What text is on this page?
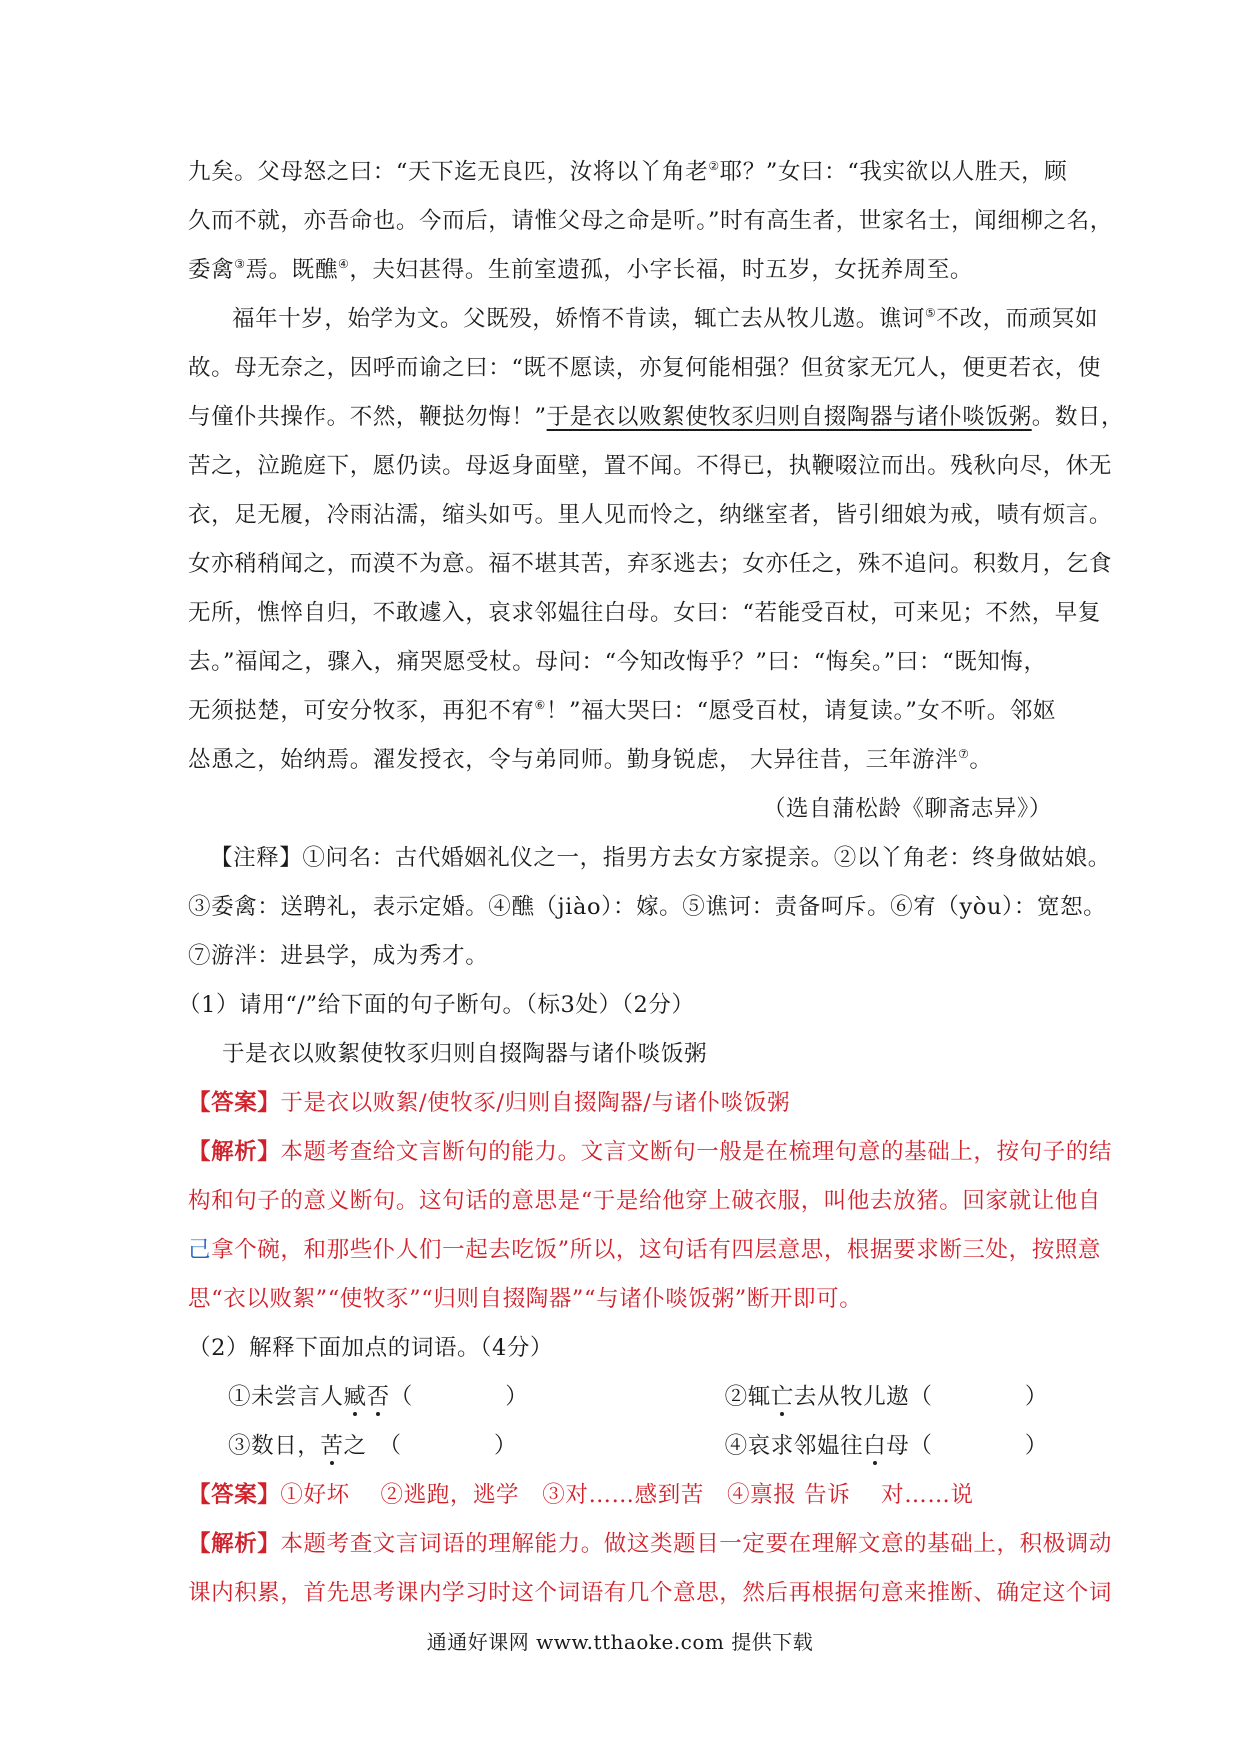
九矣。父母怒之曰：“天下迄无良匹，汝将以丫角老②耶？”女曰：“我实欲以人胜天，顾
久而不就，亦吾命也。今而后，请惟父母之命是听。”时有高生者，世家名士，闻细柳之名，
委禽③焉。既醮④，夫妇甚得。生前室遗孤，小字长福，时五岁，女抚养周至。
福年十岁，始学为文。父既殁，娇惰不肯读，辄亡去从牧儿遨。谯诃⑤不改，而顽冥如
故。母无奈之，因呼而谕之曰：“既不愿读，亦复何能相强？但贫家无冗人，便更若衣，使
与僮仆共操作。不然，鞭挞勿悔！”于是衣以败絮使牧豕归则自掇陶器与诸仆啖饭粥。数日，
苦之，泣跪庭下，愿仍读。母返身面壁，置不闻。不得已，执鞭啜泣而出。残秋向尽，休无
衣，足无履，冷雨沾濡，缩头如丐。里人见而怜之，纳继室者，皆引细娘为戒，啧有烦言。
女亦稍稍闻之，而漠不为意。福不堪其苦，弃豕逃去；女亦任之，殊不追问。积数月，乞食
无所，憔悴自归，不敢遽入，哀求邻媪往白母。女曰：“若能受百杖，可来见；不然，早复
去。”福闻之，骤入，痛哭愿受杖。母问：“今知改悔乎？”曰：“悔矣。”曰：“既知悔，
无须挞楚，可安分牧豕，再犯不宥⑥！”福大哭曰：“愿受百杖，请复读。”女不听。邻妪
怂恿之，始纳焉。濯发授衣，令与弟同师。勤身锐虑， 大异往昔，三年游泮⑦。
（选自蒲松龄《聊斋志异》）
【注释】①问名：古代婚姻礼仪之一，指男方去女方家提亲。②以丫角老：终身做姑娘。
③委禽：送聘礼，表示定婚。④醮（jiào）：嫁。⑤谯诃：责备呵斥。⑥宥（yòu）：宽恕。
⑦游泮：进县学，成为秀才。
（1）请用“/”给下面的句子断句。（标3处）（2分）
于是衣以败絮使牧豕归则自掇陶器与诸仆啖饭粥
【答案】于是衣以败絮/使牧豕/归则自掇陶器/与诸仆啖饭粥
【解析】本题考查给文言断句的能力。文言文断句一般是在梳理句意的基础上，按句子的结
构和句子的意义断句。这句话的意思是“于是给他穿上破衣服，叫他去放猪。回家就让他自
己拿个碗，和那些仆人们一起去吃饭”所以，这句话有四层意思，根据要求断三处，按照意
思“衣以败絮”“使牧豕”“归则自掇陶器”“与诸仆啖饭粥”断开即可。
（2）解释下面加点的词语。（4分）
①未尝言人臧否（　　　　）	②辄亡去从牧儿遨（　　　　）
③数日，苦之　（　　　　）	④哀求邻媪往白母（　　　　）
【答案】①好坏　 ②逃跑，逃学　③对……感到苦　④禀报 告诉　 对……说
【解析】本题考查文言词语的理解能力。做这类题目一定要在理解文意的基础上，积极调动
课内积累，首先思考课内学习时这个词语有几个意思，然后再根据句意来推断、确定这个词
通通好课网 www.tthaoke.com 提供下载
